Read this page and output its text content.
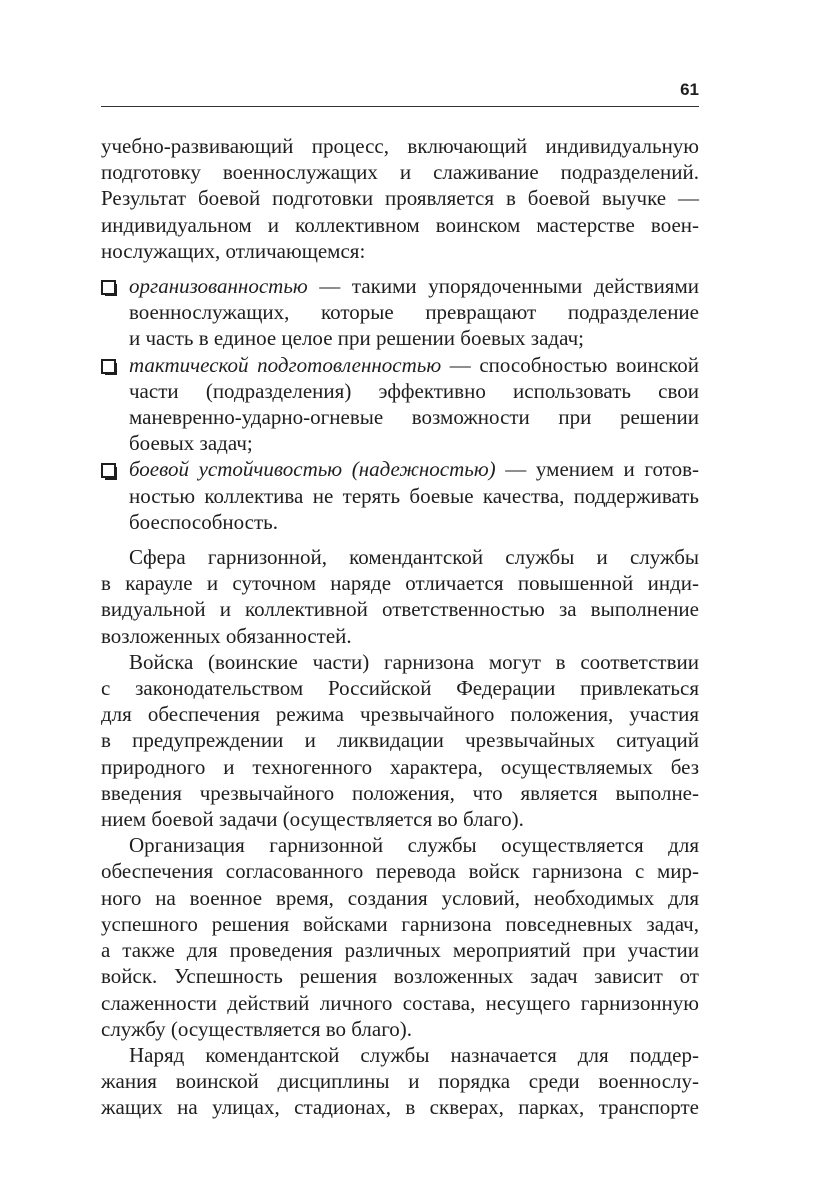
61
учебно-развивающий процесс, включающий индивидуальную
подготовку военнослужащих и слаживание подразделений.
Результат боевой подготовки проявляется в боевой выучке —
индивидуальном и коллективном воинском мастерстве воен-
нослужащих, отличающемся:
организованностью — такими упорядоченными действиями
военнослужащих, которые превращают подразделение
и часть в единое целое при решении боевых задач;
тактической подготовленностью — способностью воинской
части (подразделения) эффективно использовать свои
маневренно-ударно-огневые возможности при решении
боевых задач;
боевой устойчивостью (надежностью) — умением и готов-
ностью коллектива не терять боевые качества, поддерживать
боеспособность.
Сфера гарнизонной, комендантской службы и службы
в карауле и суточном наряде отличается повышенной инди-
видуальной и коллективной ответственностью за выполнение
возложенных обязанностей.
Войска (воинские части) гарнизона могут в соответствии
с законодательством Российской Федерации привлекаться
для обеспечения режима чрезвычайного положения, участия
в предупреждении и ликвидации чрезвычайных ситуаций
природного и техногенного характера, осуществляемых без
введения чрезвычайного положения, что является выполне-
нием боевой задачи (осуществляется во благо).
Организация гарнизонной службы осуществляется для
обеспечения согласованного перевода войск гарнизона с мир-
ного на военное время, создания условий, необходимых для
успешного решения войсками гарнизона повседневных задач,
а также для проведения различных мероприятий при участии
войск. Успешность решения возложенных задач зависит от
слаженности действий личного состава, несущего гарнизонную
службу (осуществляется во благо).
Наряд комендантской службы назначается для поддер-
жания воинской дисциплины и порядка среди военнослу-
жащих на улицах, стадионах, в скверах, парках, транспорте
